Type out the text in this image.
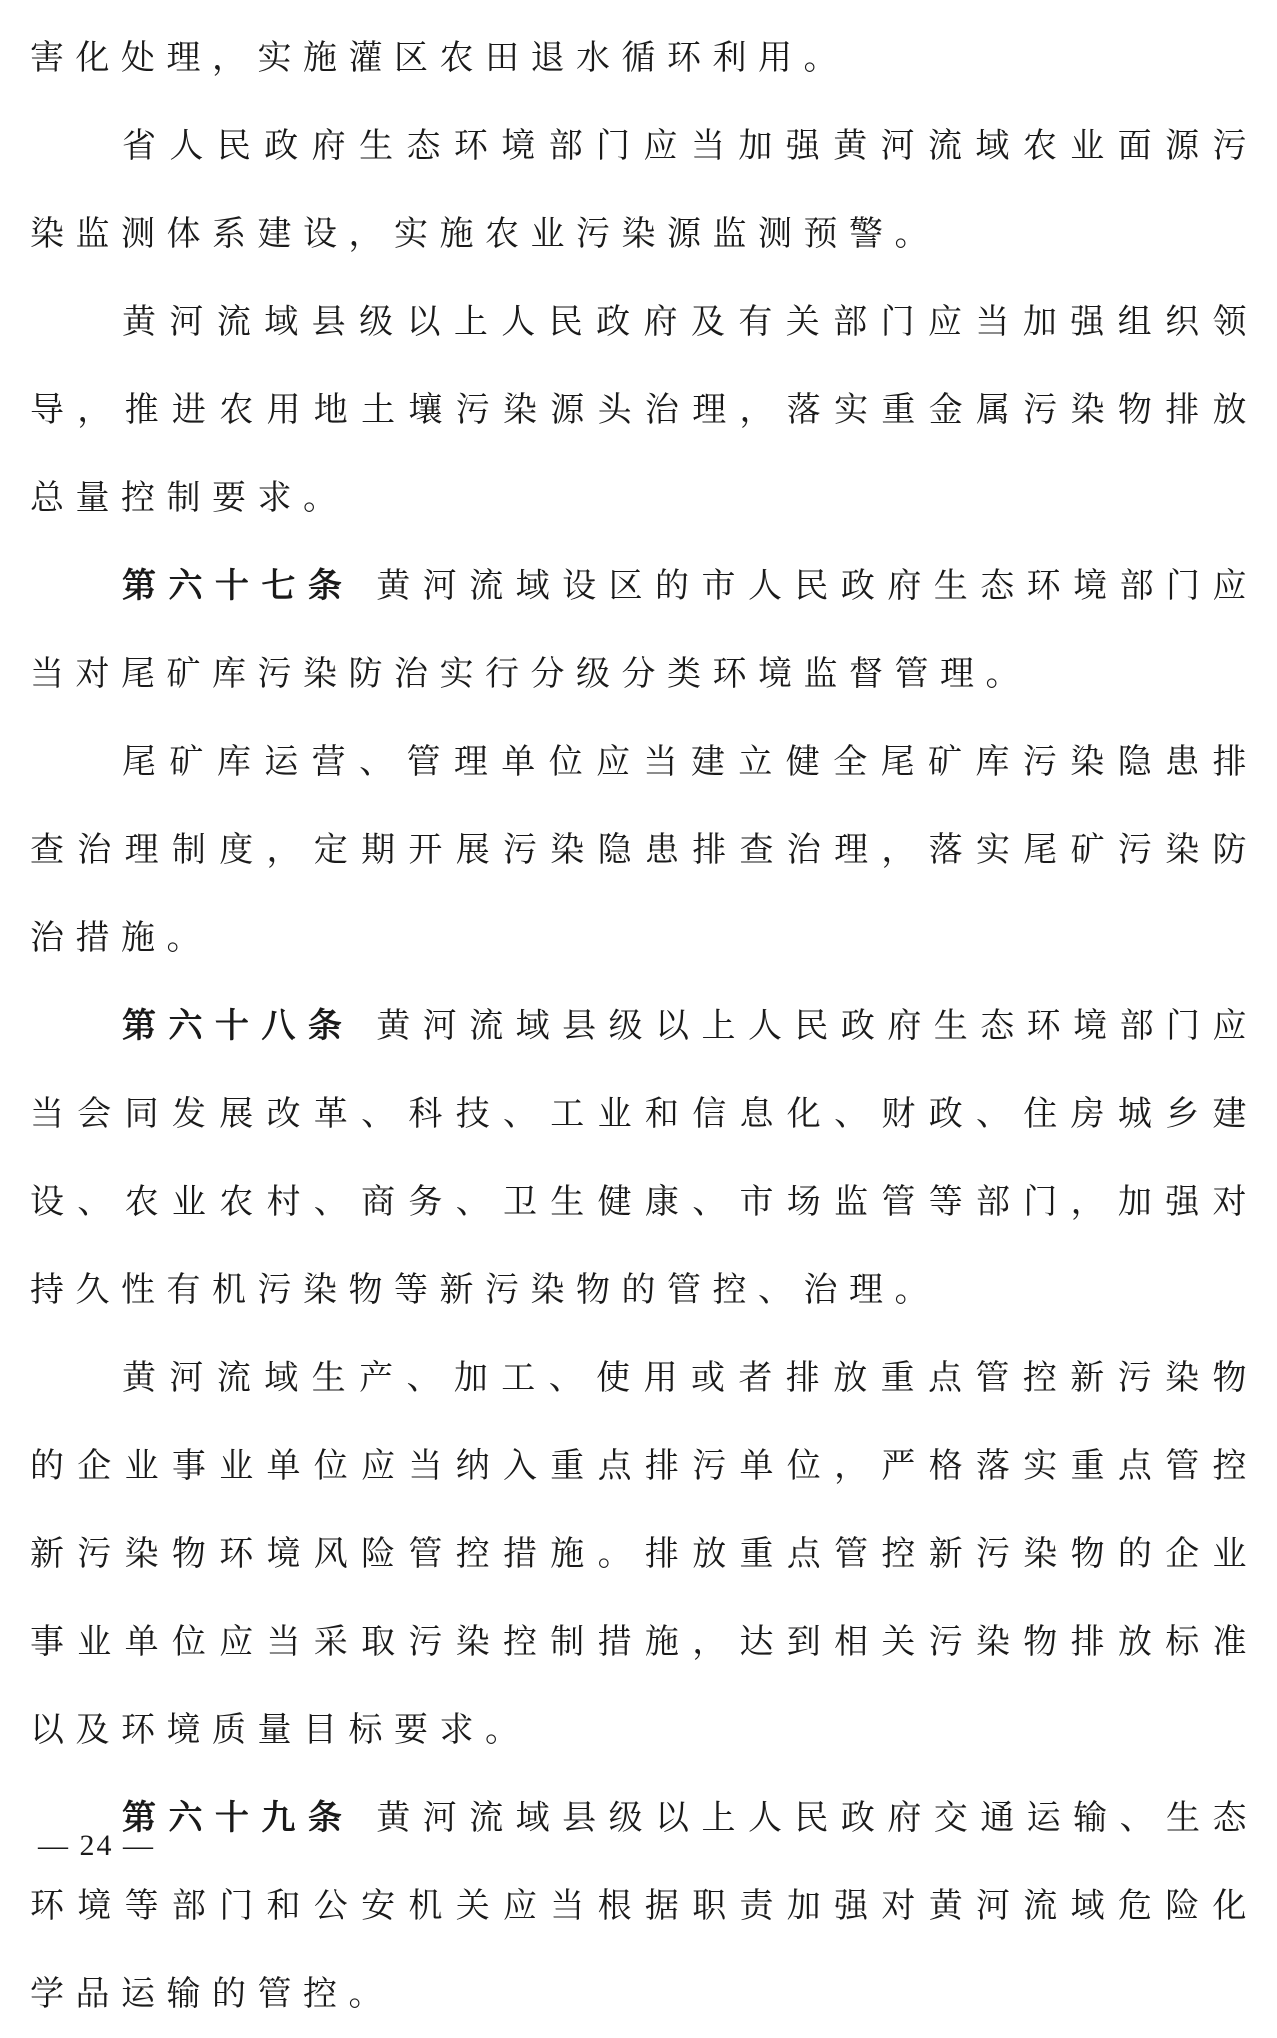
害化处理，实施灌区农田退水循环利用。

省人民政府生态环境部门应当加强黄河流域农业面源污染监测体系建设，实施农业污染源监测预警。

黄河流域县级以上人民政府及有关部门应当加强组织领导，推进农用地土壤污染源头治理，落实重金属污染物排放总量控制要求。

第六十七条 黄河流域设区的市人民政府生态环境部门应当对尾矿库污染防治实行分级分类环境监督管理。

尾矿库运营、管理单位应当建立健全尾矿库污染隐患排查治理制度，定期开展污染隐患排查治理，落实尾矿污染防治措施。

第六十八条 黄河流域县级以上人民政府生态环境部门应当会同发展改革、科技、工业和信息化、财政、住房城乡建设、农业农村、商务、卫生健康、市场监管等部门，加强对持久性有机污染物等新污染物的管控、治理。

黄河流域生产、加工、使用或者排放重点管控新污染物的企业事业单位应当纳入重点排污单位，严格落实重点管控新污染物环境风险管控措施。排放重点管控新污染物的企业事业单位应当采取污染控制措施，达到相关污染物排放标准以及环境质量目标要求。

第六十九条 黄河流域县级以上人民政府交通运输、生态环境等部门和公安机关应当根据职责加强对黄河流域危险化学品运输的管控。

— 24 —
